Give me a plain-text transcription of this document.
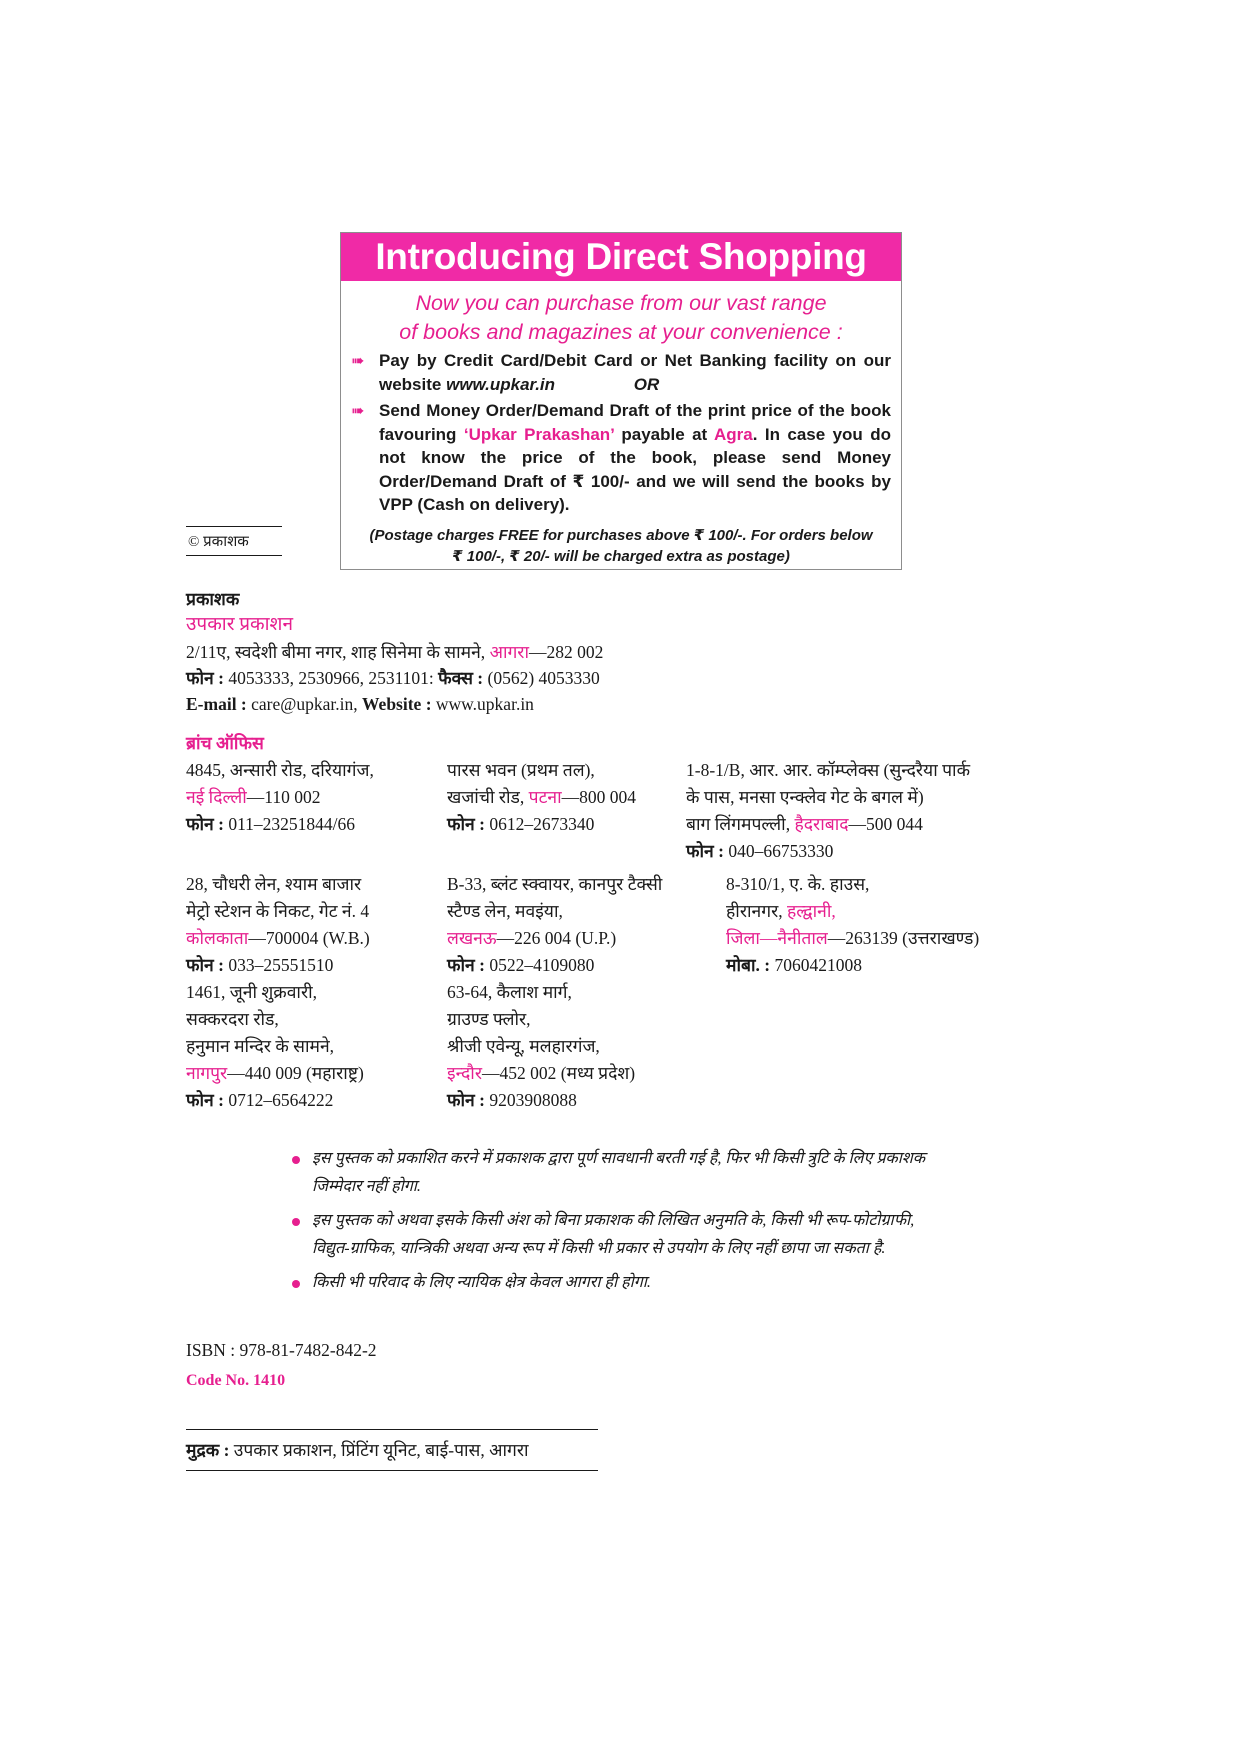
Introducing Direct Shopping
Now you can purchase from our vast range
of books and magazines at your convenience :
➠ Pay by Credit Card/Debit Card or Net Banking facility on our website www.upkar.in	OR
➠ Send Money Order/Demand Draft of the print price of the book favouring ‘Upkar Prakashan’ payable at Agra. In case you do not know the price of the book, please send Money Order/Demand Draft of ₹ 100/- and we will send the books by VPP (Cash on delivery).
(Postage charges FREE for purchases above ₹ 100/-. For orders below
₹ 100/-, ₹ 20/- will be charged extra as postage)
© प्रकाशक
प्रकाशक
उपकार प्रकाशन
2/11ए, स्वदेशी बीमा नगर, शाह सिनेमा के सामने, आगरा—282 002
फोन : 4053333, 2530966, 2531101: फैक्स : (0562) 4053330
E-mail : care@upkar.in, Website : www.upkar.in
ब्रांच ऑफिस
4845, अन्सारी रोड, दरियागंज,
नई दिल्ली—110 002
फोन : 011–23251844/66
पारस भवन (प्रथम तल),
खजांची रोड, पटना—800 004
फोन : 0612–2673340
1-8-1/B, आर. आर. कॉम्प्लेक्स (सुन्दरैया पार्क
के पास, मनसा एन्क्लेव गेट के बगल में)
बाग लिंगमपल्ली, हैदराबाद—500 044
फोन : 040–66753330
28, चौधरी लेन, श्याम बाजार
मेट्रो स्टेशन के निकट, गेट नं. 4
कोलकाता—700004 (W.B.)
फोन : 033–25551510
B-33, ब्लंट स्क्वायर, कानपुर टैक्सी
स्टैण्ड लेन, मवइंया,
लखनऊ—226 004 (U.P.)
फोन : 0522–4109080
8-310/1, ए. के. हाउस,
हीरानगर, हल्द्वानी,
जिला—नैनीताल—263139 (उत्तराखण्ड)
मोबा. : 7060421008
1461, जूनी शुक्रवारी,
सक्करदरा रोड,
हनुमान मन्दिर के सामने,
नागपुर—440 009 (महाराष्ट्र)
फोन : 0712–6564222
63-64, कैलाश मार्ग,
ग्राउण्ड फ्लोर,
श्रीजी एवेन्यू, मलहारगंज,
इन्दौर—452 002 (मध्य प्रदेश)
फोन : 9203908088
इस पुस्तक को प्रकाशित करने में प्रकाशक द्वारा पूर्ण सावधानी बरती गई है, फिर भी किसी त्रुटि के लिए प्रकाशक जिम्मेदार नहीं होगा.
इस पुस्तक को अथवा इसके किसी अंश को बिना प्रकाशक की लिखित अनुमति के, किसी भी रूप-फोटोग्राफी, विद्युत-ग्राफिक, यान्त्रिकी अथवा अन्य रूप में किसी भी प्रकार से उपयोग के लिए नहीं छापा जा सकता है.
किसी भी परिवाद के लिए न्यायिक क्षेत्र केवल आगरा ही होगा.
ISBN : 978-81-7482-842-2
Code No. 1410
मुद्रक : उपकार प्रकाशन, प्रिंटिंग यूनिट, बाई-पास, आगरा
